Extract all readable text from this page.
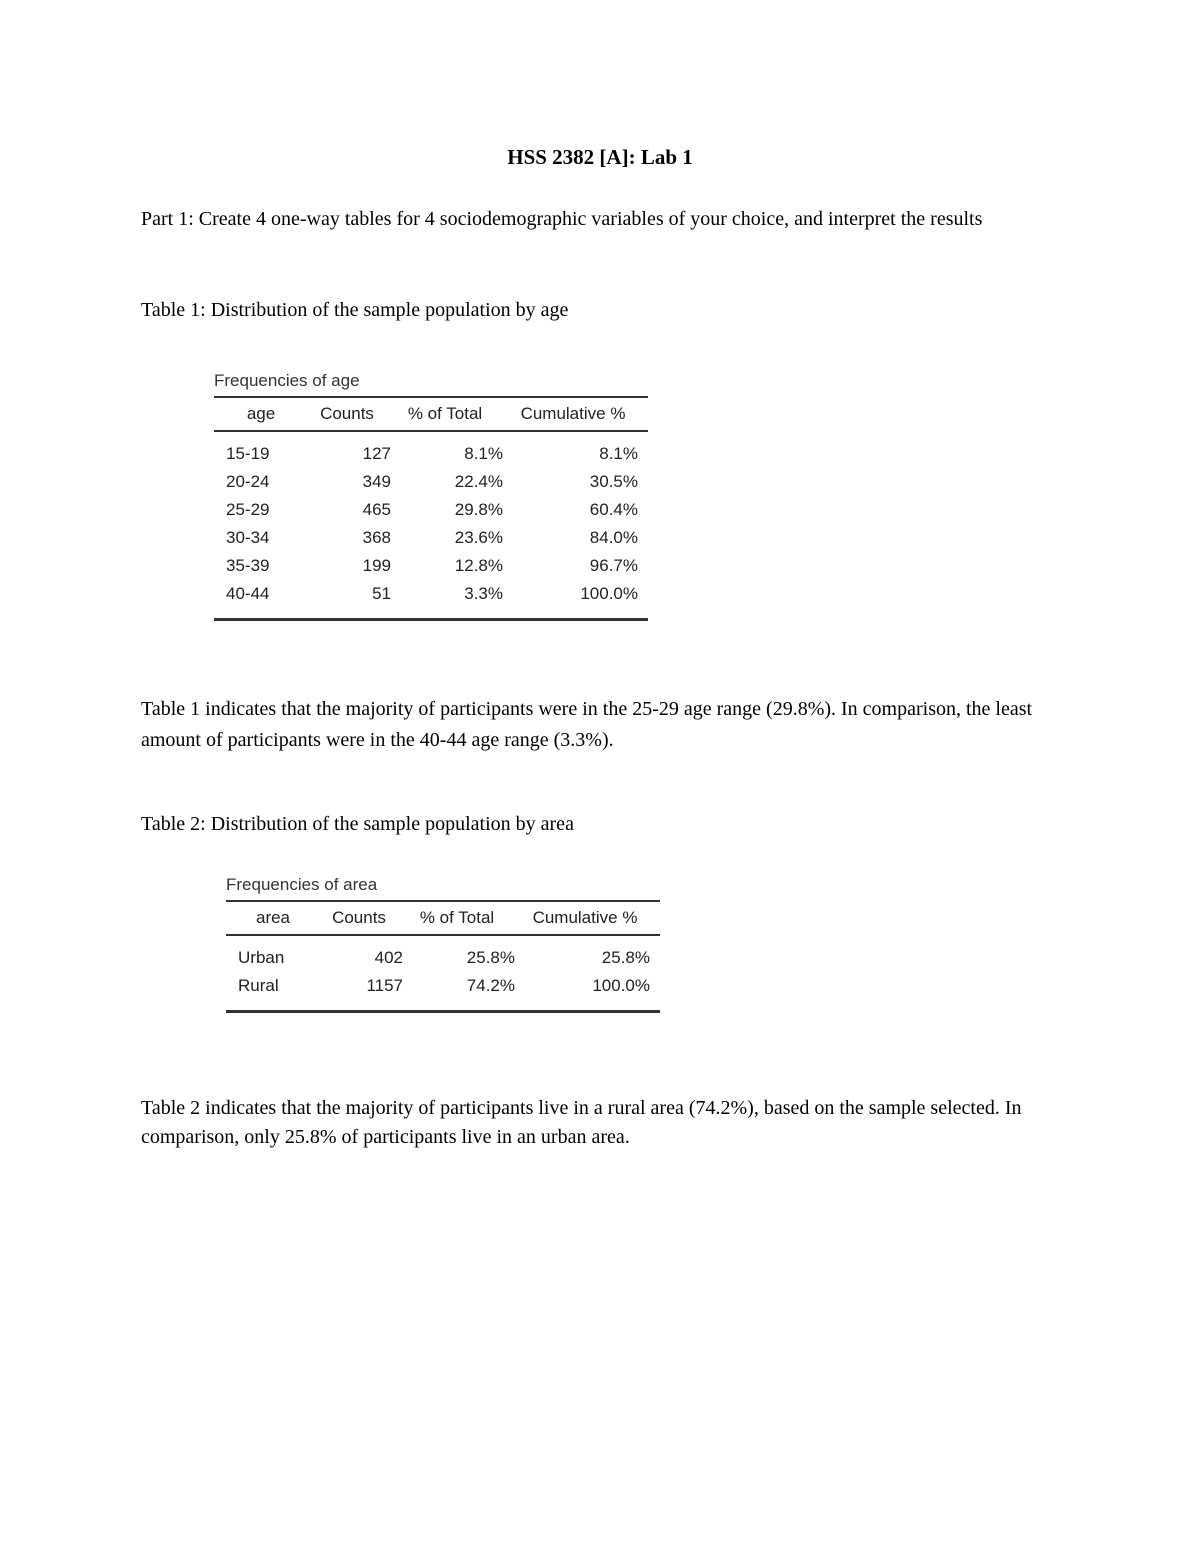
HSS 2382 [A]: Lab 1
Part 1: Create 4 one-way tables for 4 sociodemographic variables of your choice, and interpret the results
Table 1: Distribution of the sample population by age
Frequencies of age
age	Counts	% of Total	Cumulative %
15-19	127	8.1%	8.1%
20-24	349	22.4%	30.5%
25-29	465	29.8%	60.4%
30-34	368	23.6%	84.0%
35-39	199	12.8%	96.7%
40-44	51	3.3%	100.0%
Table 1 indicates that the majority of participants were in the 25-29 age range (29.8%). In comparison, the least amount of participants were in the 40-44 age range (3.3%).
Table 2: Distribution of the sample population by area
Frequencies of area
area	Counts	% of Total	Cumulative %
Urban	402	25.8%	25.8%
Rural	1157	74.2%	100.0%
Table 2 indicates that the majority of participants live in a rural area (74.2%), based on the sample selected. In comparison, only 25.8% of participants live in an urban area.
